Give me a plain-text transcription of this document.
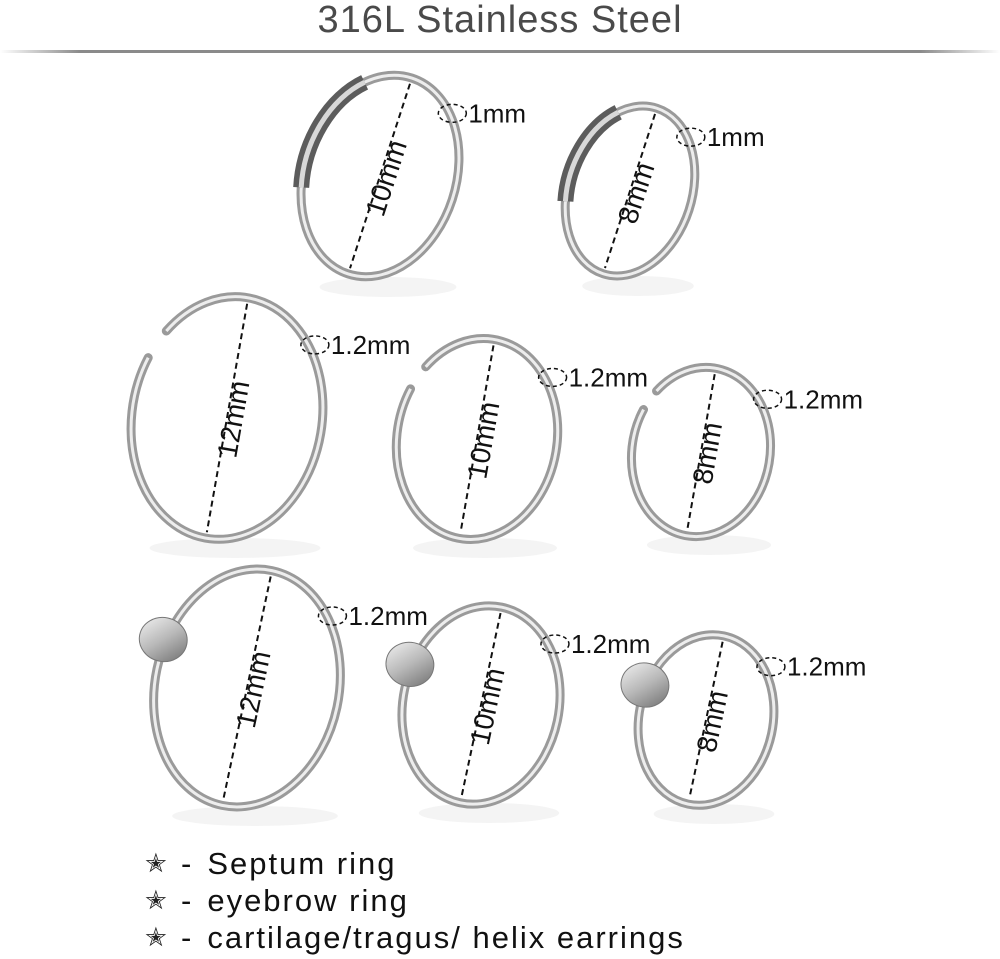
316L Stainless Steel
10mm
1mm
8mm
1mm
12mm
1.2mm
10mm
1.2mm
8mm
1.2mm
12mm
1.2mm
10mm
1.2mm
8mm
1.2mm
✭ - Septum ring
✭ - eyebrow ring
✭ - cartilage/tragus/ helix earrings
